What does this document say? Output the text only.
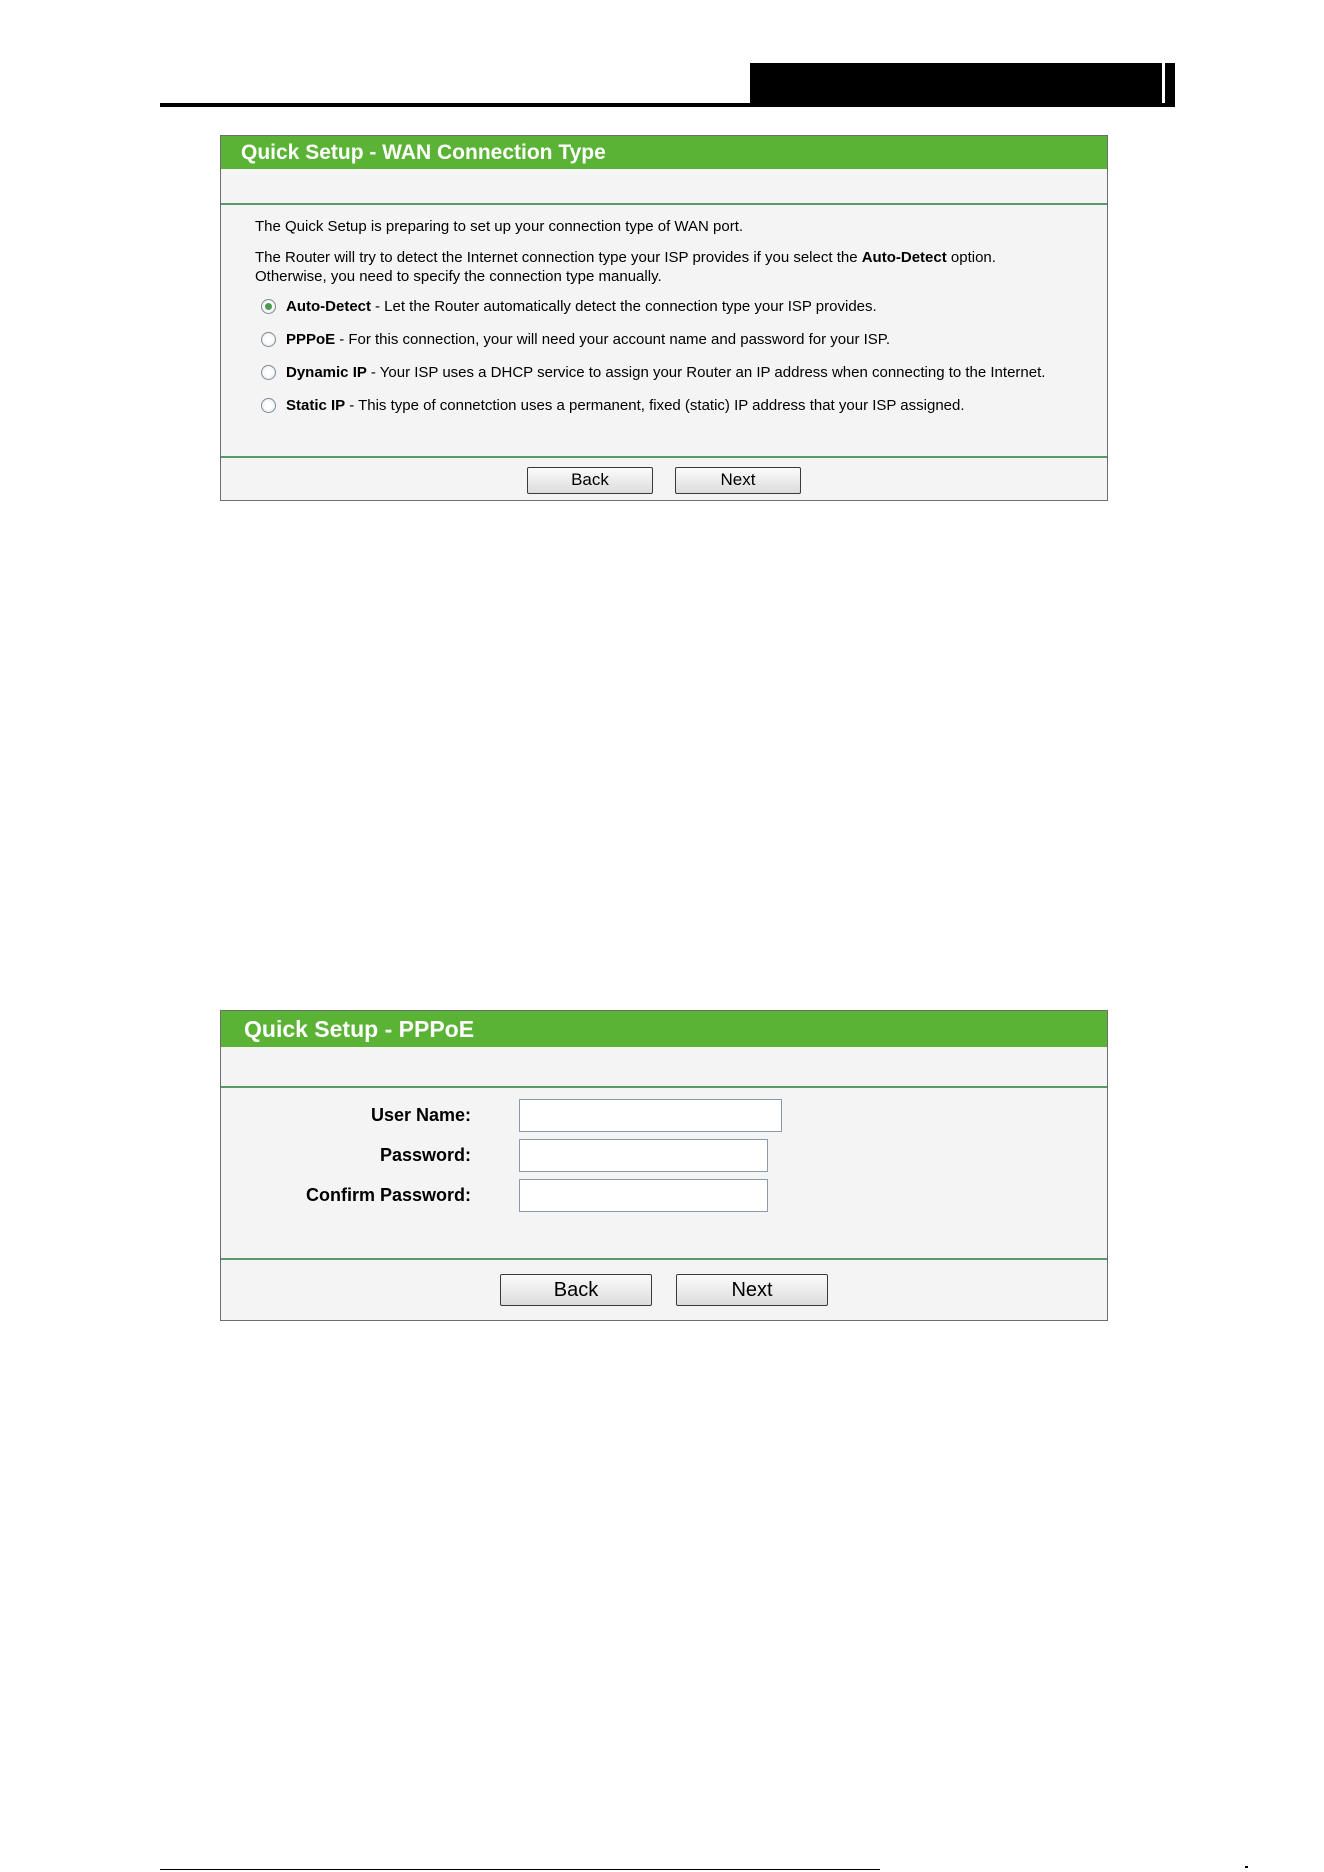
Quick Setup - WAN Connection Type

The Quick Setup is preparing to set up your connection type of WAN port.

The Router will try to detect the Internet connection type your ISP provides if you select the Auto-Detect option.
Otherwise, you need to specify the connection type manually.

Auto-Detect - Let the Router automatically detect the connection type your ISP provides.
PPPoE - For this connection, your will need your account name and password for your ISP.
Dynamic IP - Your ISP uses a DHCP service to assign your Router an IP address when connecting to the Internet.
Static IP - This type of connetction uses a permanent, fixed (static) IP address that your ISP assigned.
Back	Next
Quick Setup - PPPoE
User Name:
Password:
Confirm Password:
Back	Next
